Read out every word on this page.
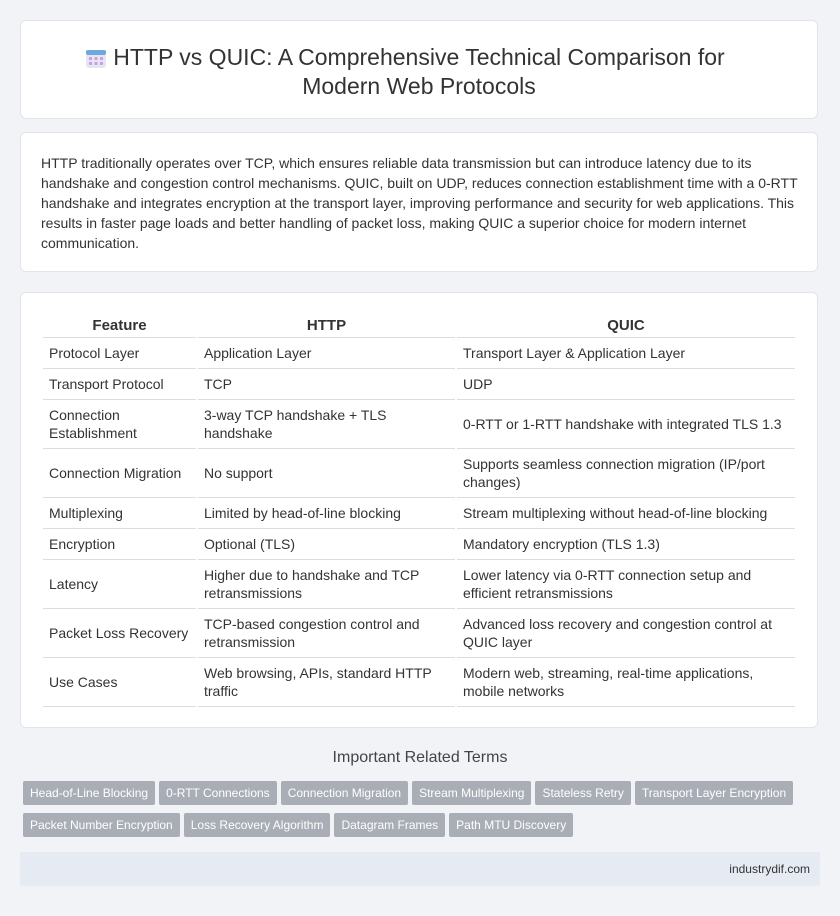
HTTP vs QUIC: A Comprehensive Technical Comparison for
Modern Web Protocols
HTTP traditionally operates over TCP, which ensures reliable data transmission but can introduce latency due to its handshake and congestion control mechanisms. QUIC, built on UDP, reduces connection establishment time with a 0-RTT handshake and integrates encryption at the transport layer, improving performance and security for web applications. This results in faster page loads and better handling of packet loss, making QUIC a superior choice for modern internet communication.
Feature	HTTP	QUIC
Protocol Layer	Application Layer	Transport Layer & Application Layer
Transport Protocol	TCP	UDP
Connection Establishment	3-way TCP handshake + TLS handshake	0-RTT or 1-RTT handshake with integrated TLS 1.3
Connection Migration	No support	Supports seamless connection migration (IP/port changes)
Multiplexing	Limited by head-of-line blocking	Stream multiplexing without head-of-line blocking
Encryption	Optional (TLS)	Mandatory encryption (TLS 1.3)
Latency	Higher due to handshake and TCP retransmissions	Lower latency via 0-RTT connection setup and efficient retransmissions
Packet Loss Recovery	TCP-based congestion control and retransmission	Advanced loss recovery and congestion control at QUIC layer
Use Cases	Web browsing, APIs, standard HTTP traffic	Modern web, streaming, real-time applications, mobile networks
Important Related Terms
Head-of-Line Blocking 0-RTT Connections Connection Migration Stream Multiplexing Stateless Retry Transport Layer EncryptionPacket Number Encryption Loss Recovery Algorithm Datagram Frames Path MTU Discovery
industrydif.com
